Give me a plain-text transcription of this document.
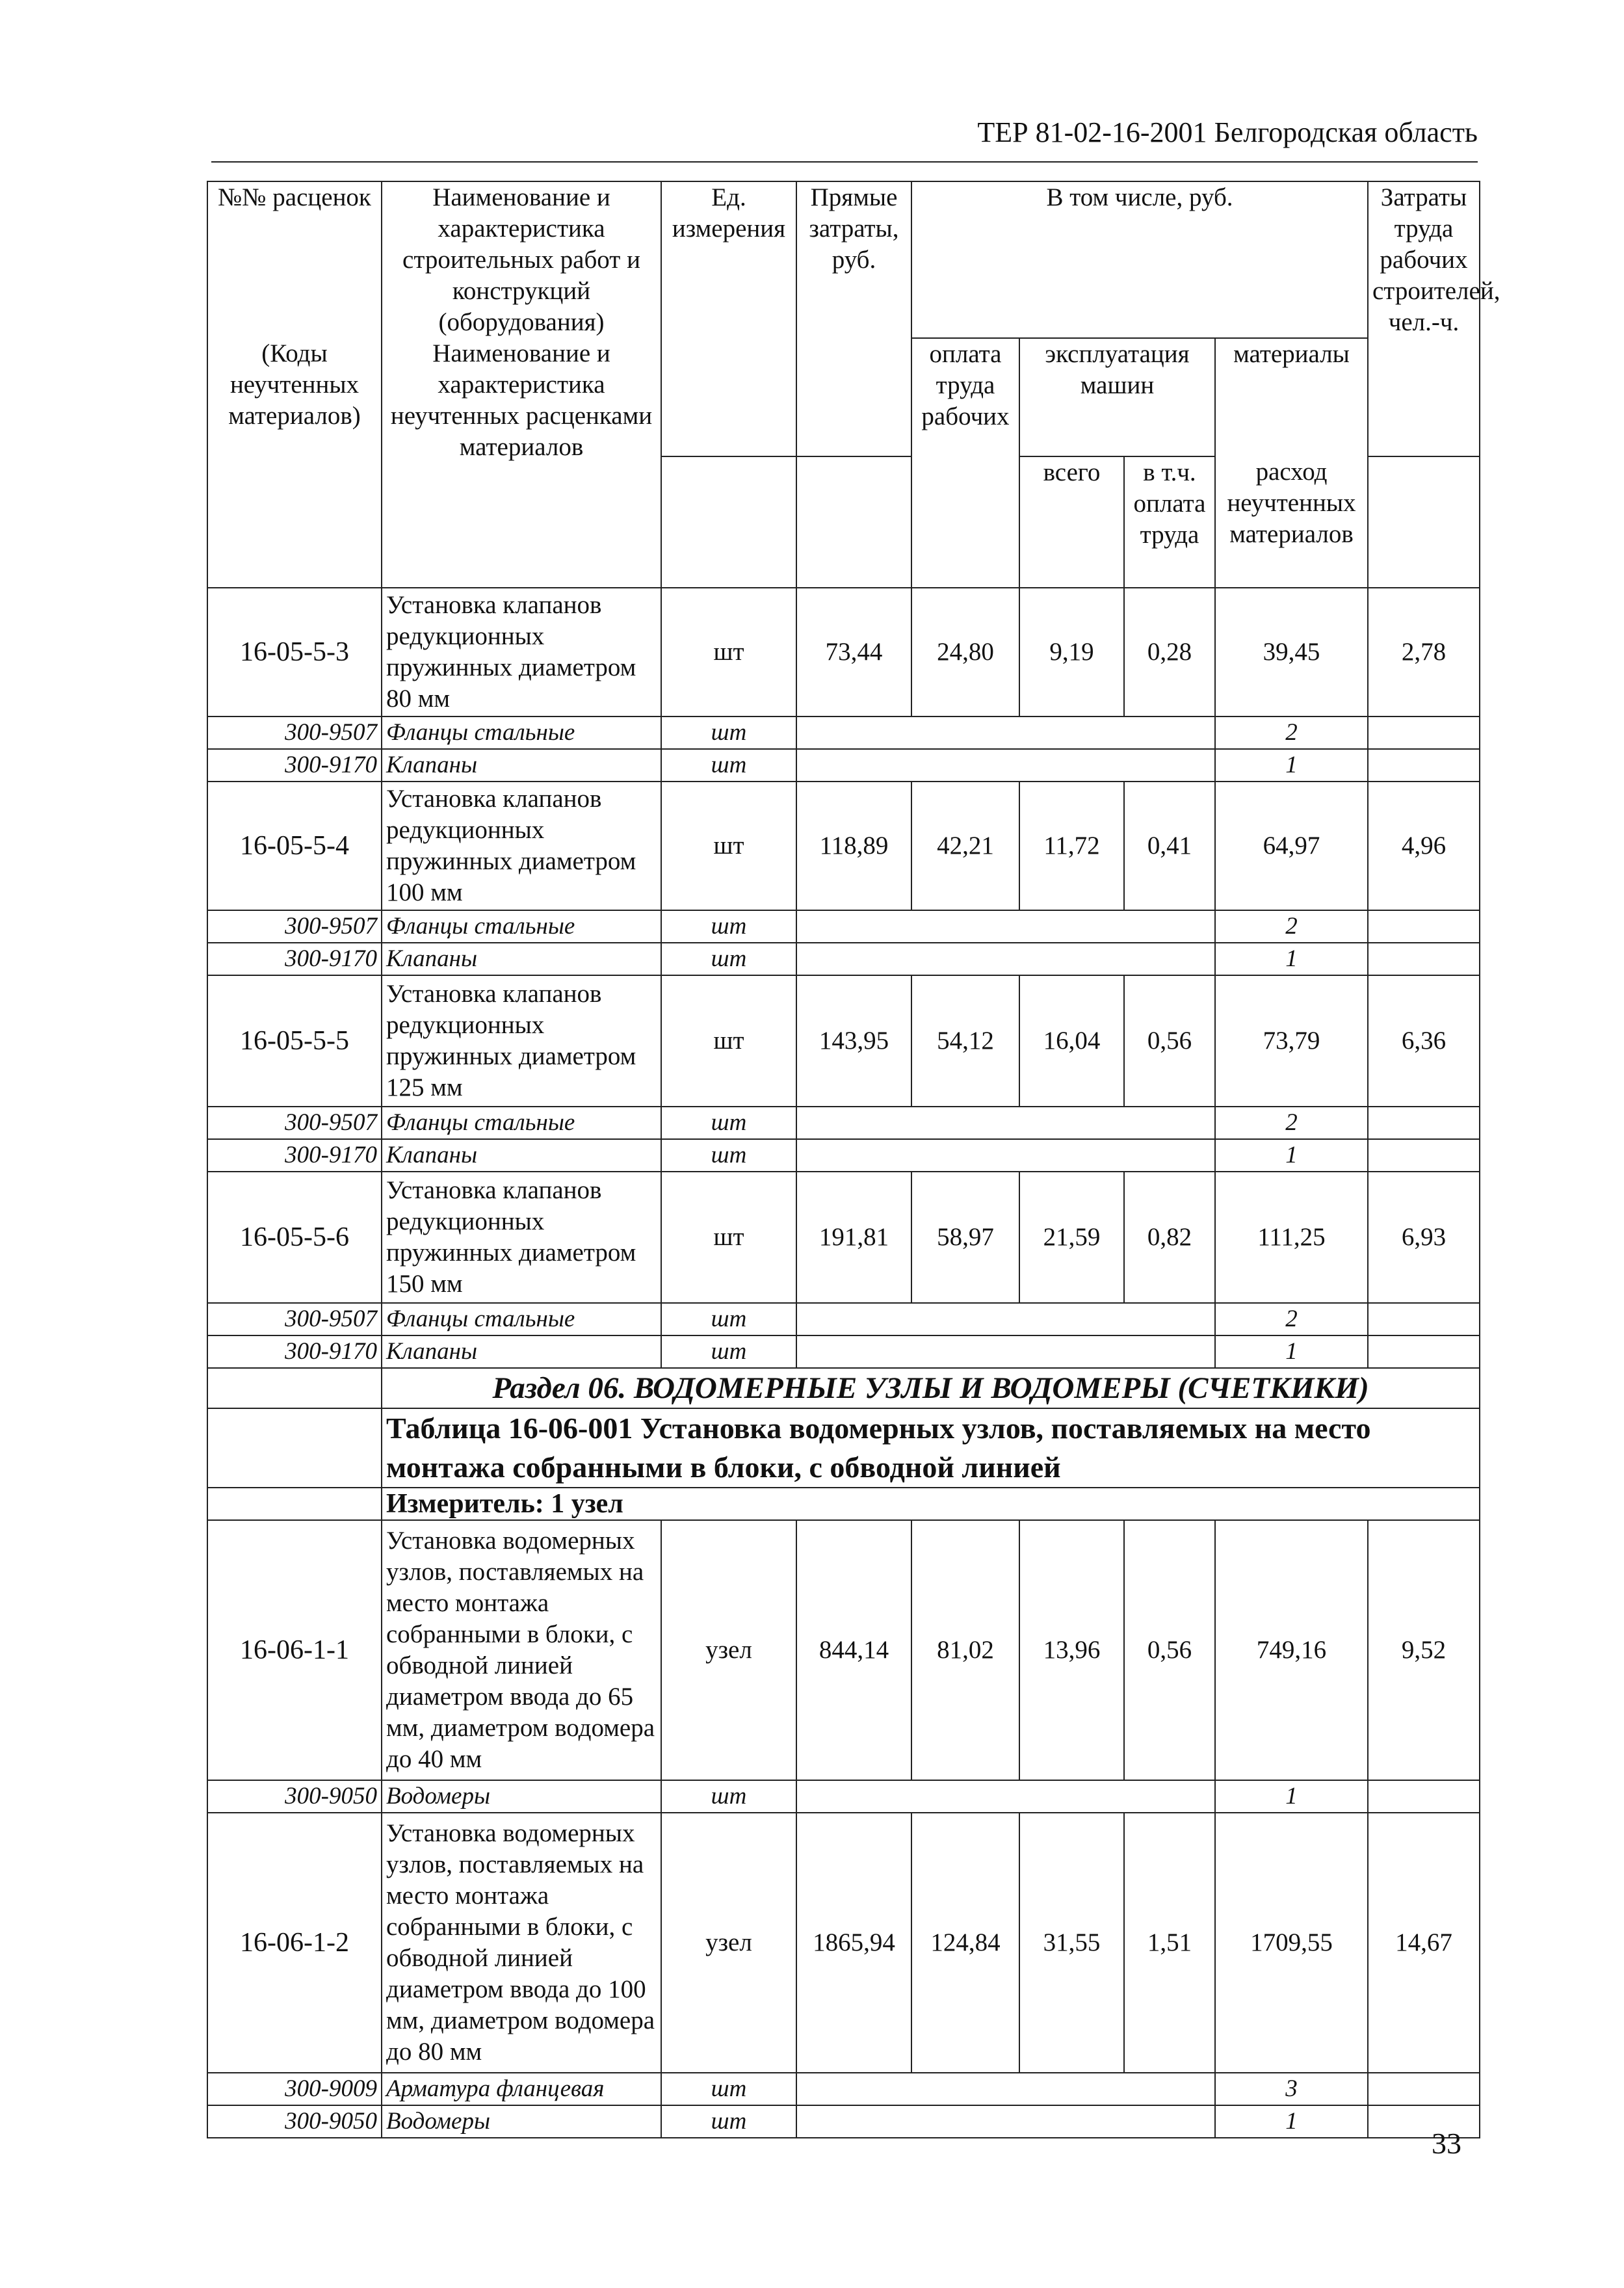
ТЕР 81-02-16-2001 Белгородская область
№№ расценок	Наименование и характеристика строительных работ и конструкций (оборудования)	Ед. измерения	Прямые затраты, руб.	В том числе, руб.				Затраты труда рабочих строителей, чел.-ч.
(Коды неучтенных материалов)	Наименование и характеристика неучтенных расценками материалов			оплата труда рабочих	эксплуатация машин		материалы	
					всего	в т.ч. оплата труда	расход неучтенных материалов	
16-05-5-3	Установка клапанов редукционных пружинных диаметром 80 мм	шт	73,44	24,80	9,19	0,28	39,45	2,78
300-9507	Фланцы стальные	шт					2	
300-9170	Клапаны	шт					1	
16-05-5-4	Установка клапанов редукционных пружинных диаметром 100 мм	шт	118,89	42,21	11,72	0,41	64,97	4,96
300-9507	Фланцы стальные	шт					2	
300-9170	Клапаны	шт					1	
16-05-5-5	Установка клапанов редукционных пружинных диаметром 125 мм	шт	143,95	54,12	16,04	0,56	73,79	6,36
300-9507	Фланцы стальные	шт					2	
300-9170	Клапаны	шт					1	
16-05-5-6	Установка клапанов редукционных пружинных диаметром 150 мм	шт	191,81	58,97	21,59	0,82	111,25	6,93
300-9507	Фланцы стальные	шт					2	
300-9170	Клапаны	шт					1	
	Раздел 06. ВОДОМЕРНЫЕ УЗЛЫ И ВОДОМЕРЫ (СЧЕТКИКИ)							
	Таблица 16-06-001 Установка водомерных узлов, поставляемых на место монтажа собранными в блоки, с обводной линией							
	Измеритель: 1 узел							
16-06-1-1	Установка водомерных узлов, поставляемых на место монтажа собранными в блоки, с обводной линией диаметром ввода до 65 мм, диаметром водомера до 40 мм	узел	844,14	81,02	13,96	0,56	749,16	9,52
300-9050	Водомеры	шт					1	
16-06-1-2	Установка водомерных узлов, поставляемых на место монтажа собранными в блоки, с обводной линией диаметром ввода до 100 мм, диаметром водомера до 80 мм	узел	1865,94	124,84	31,55	1,51	1709,55	14,67
300-9009	Арматура фланцевая	шт					3	
300-9050	Водомеры	шт					1	
33
